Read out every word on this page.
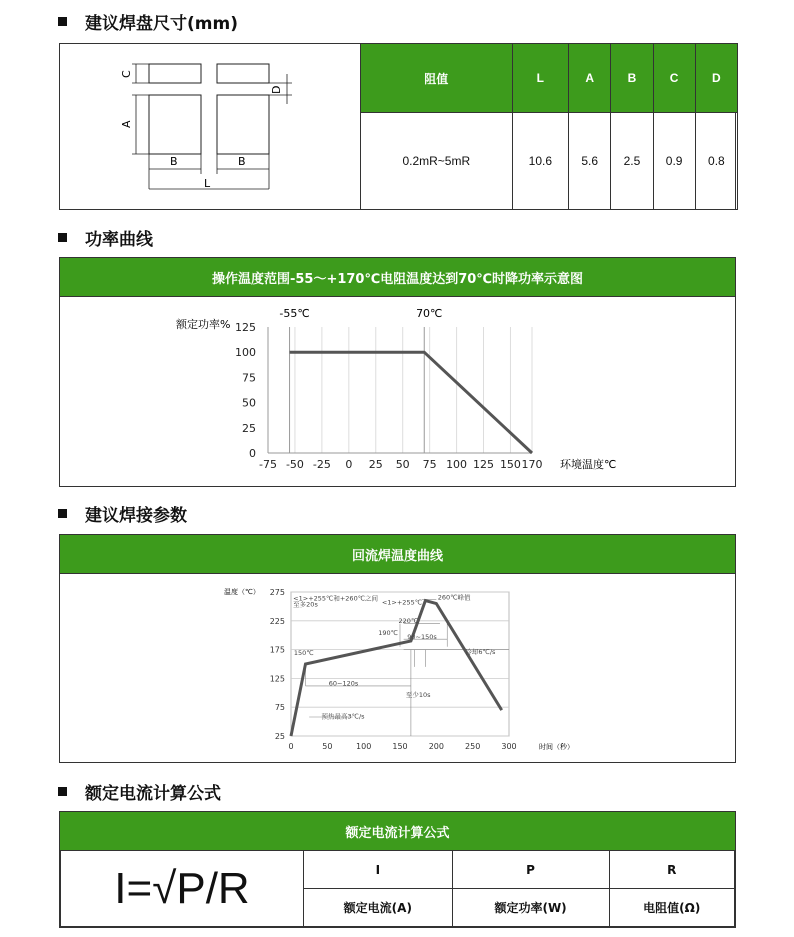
建议焊盘尺寸(mm)
C
A
D
B	B
L
阻值	L	A	B	C	D
0.2mR~5mR	10.6	5.6	2.5	0.9	0.8
功率曲线
操作温度范围-55～+170℃电阻温度达到70℃时降功率示意图
-75 -50 -25 0 25 50 75 100 125 150 170
125
100
75
50
25
0
额定功率%
环境温度℃
-55℃	70℃
建议焊接参数
回流焊温度曲线
275
225
175
125
75
25
0	50	100	150	200	250	300
<1>+255℃和+260℃之间
至多20s	<1>+255℃
260℃峰值
220℃
190℃
150℃
90~150s
60~120s
至少10s
冷却6℃/s
预热最高3℃/s
温度（℃）
时间（秒）
额定电流计算公式
额定电流计算公式
I=√P/R	I	P	R
	额定电流(A)	额定功率(W)	电阻值(Ω)
